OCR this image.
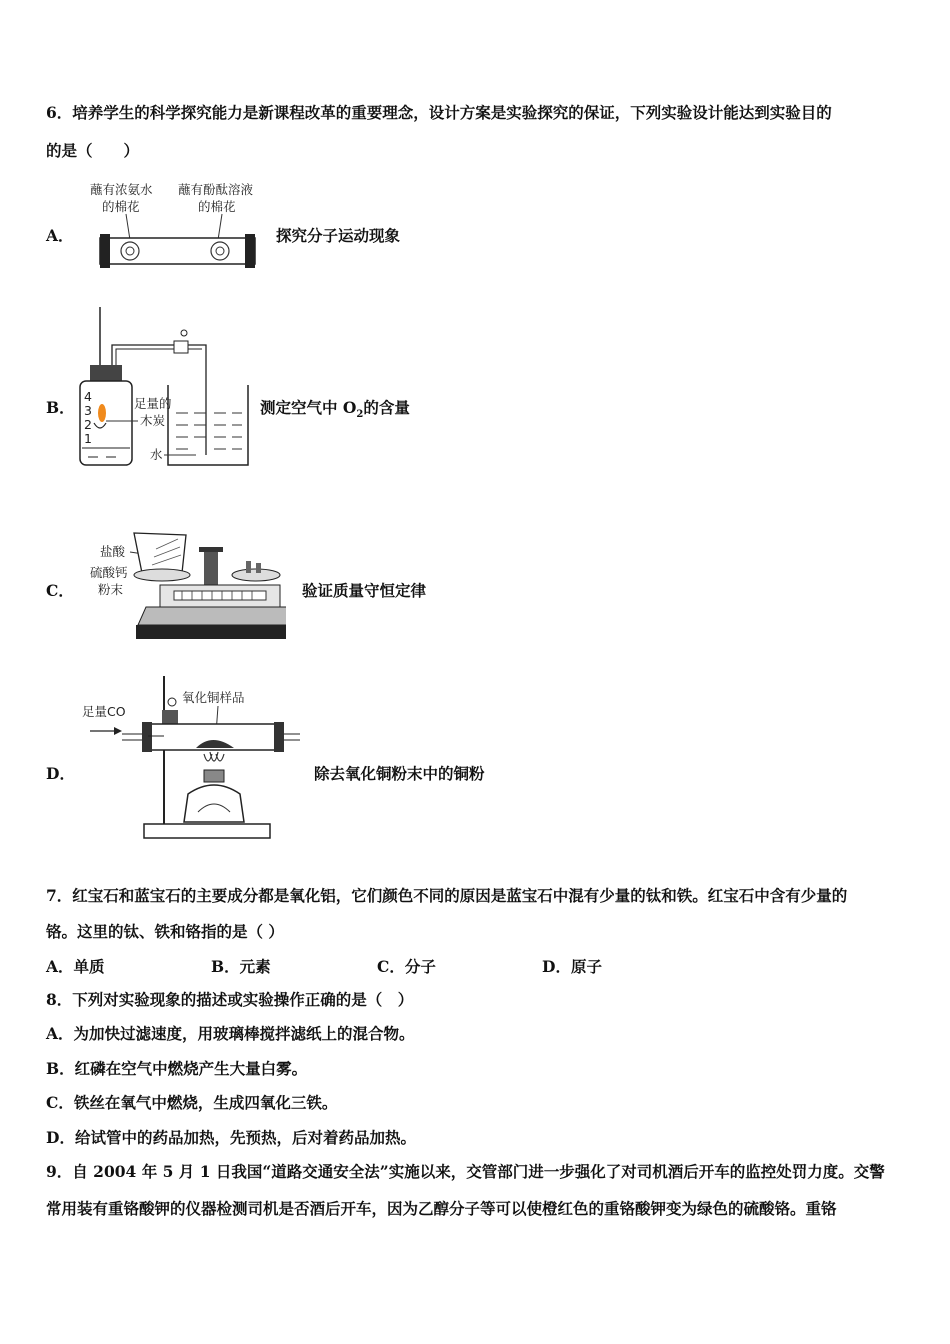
6．培养学生的科学探究能力是新课程改革的重要理念，设计方案是实验探究的保证，下列实验设计能达到实验目的
的是（　　）
A．
蘸有浓氨水
的棉花
蘸有酚酞溶液
的棉花
探究分子运动现象
B．
4
3
2
1
足量的
木炭
水
测定空气中 $O_2$的含量
C．
盐酸
硫酸钙
粉末	验证质量守恒定律
D．
足量CO
氧化铜样品
除去氧化铜粉末中的铜粉
7．红宝石和蓝宝石的主要成分都是氧化铝，它们颜色不同的原因是蓝宝石中混有少量的钛和铁。红宝石中含有少量的
铬。这里的钛、铁和铬指的是（ ）
A．单质	B．元素	C．分子	D．原子
8．下列对实验现象的描述或实验操作正确的是（　）
A．为加快过滤速度，用玻璃棒搅拌滤纸上的混合物。
B．红磷在空气中燃烧产生大量白雾。
C．铁丝在氧气中燃烧，生成四氧化三铁。
D．给试管中的药品加热，先预热，后对着药品加热。
9．自 2004 年 5 月 1 日我国“道路交通安全法”实施以来，交管部门进一步强化了对司机酒后开车的监控处罚力度。交警
常用装有重铬酸钾的仪器检测司机是否酒后开车，因为乙醇分子等可以使橙红色的重铬酸钾变为绿色的硫酸铬。重铬
